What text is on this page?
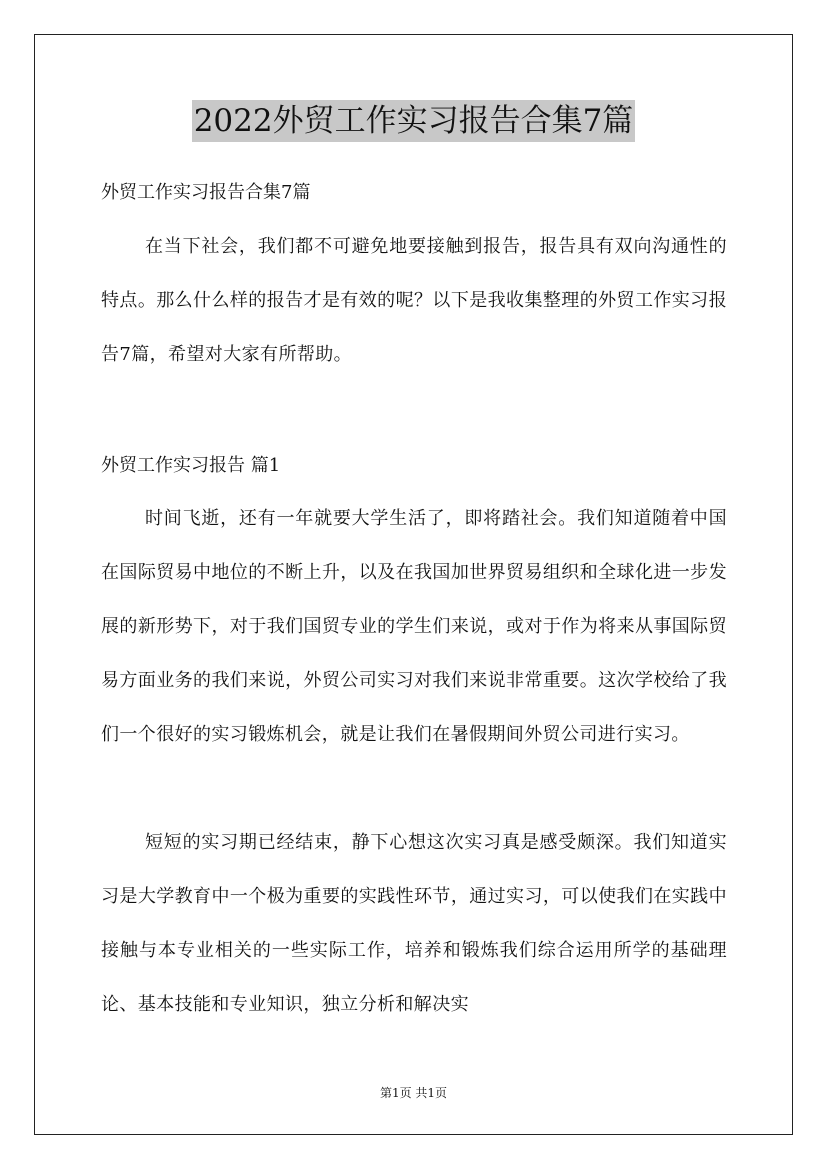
2022外贸工作实习报告合集7篇
外贸工作实习报告合集7篇
在当下社会，我们都不可避免地要接触到报告，报告具有双向沟通性的特点。那么什么样的报告才是有效的呢？以下是我收集整理的外贸工作实习报告7篇，希望对大家有所帮助。
外贸工作实习报告 篇1
时间飞逝，还有一年就要大学生活了，即将踏社会。我们知道随着中国在国际贸易中地位的不断上升，以及在我国加世界贸易组织和全球化进一步发展的新形势下，对于我们国贸专业的学生们来说，或对于作为将来从事国际贸易方面业务的我们来说，外贸公司实习对我们来说非常重要。这次学校给了我们一个很好的实习锻炼机会，就是让我们在暑假期间外贸公司进行实习。
短短的实习期已经结束，静下心想这次实习真是感受颇深。我们知道实习是大学教育中一个极为重要的实践性环节，通过实习，可以使我们在实践中接触与本专业相关的一些实际工作，培养和锻炼我们综合运用所学的基础理论、基本技能和专业知识，独立分析和解决实
第1页 共1页
